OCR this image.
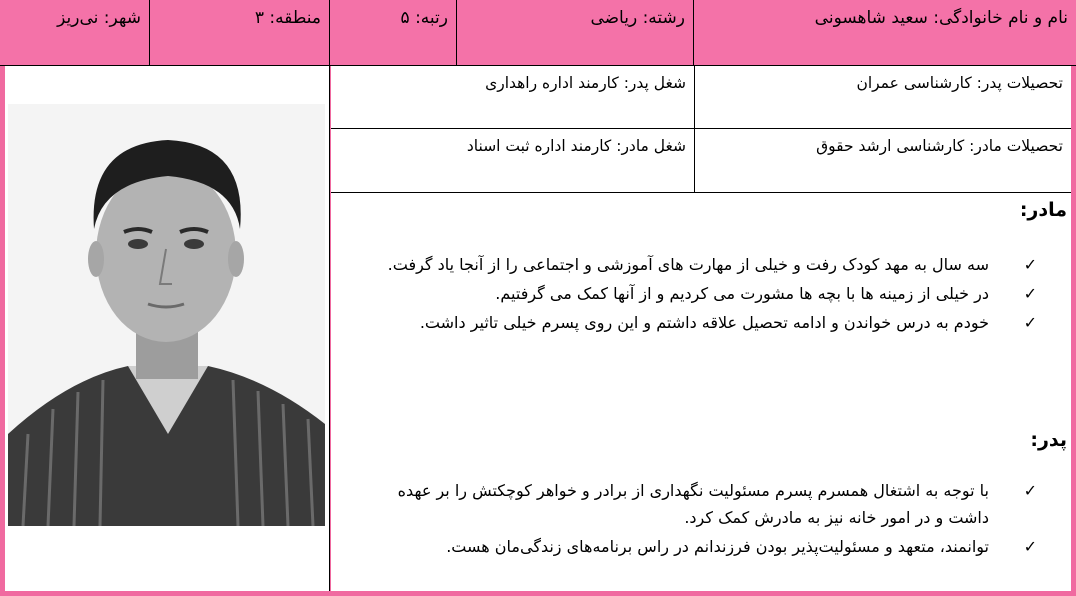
نام و نام خانوادگی: سعید شاهسونی
رشته: ریاضی
رتبه: ۵
منطقه: ۳
شهر: نی‌ریز
تحصیلات پدر: کارشناسی عمران
شغل پدر: کارمند اداره راهداری
تحصیلات مادر: کارشناسی ارشد حقوق
شغل مادر: کارمند اداره ثبت اسناد
مادر:
✓
سه سال به مهد کودک رفت و خیلی از مهارت های آموزشی و اجتماعی را از آنجا یاد گرفت.
✓
در خیلی از زمینه ها با بچه ها مشورت می کردیم و از آنها کمک می گرفتیم.
✓
خودم به درس خواندن و ادامه تحصیل علاقه داشتم و این روی پسرم خیلی تاثیر داشت.
پدر:
✓
با توجه به اشتغال همسرم پسرم مسئولیت نگهداری از برادر و خواهر کوچکتش را بر عهده داشت و در امور خانه نیز به مادرش کمک کرد.
✓
توانمند، متعهد و مسئولیت‌پذیر بودن فرزندانم در راس برنامه‌های زندگی‌مان هست.
